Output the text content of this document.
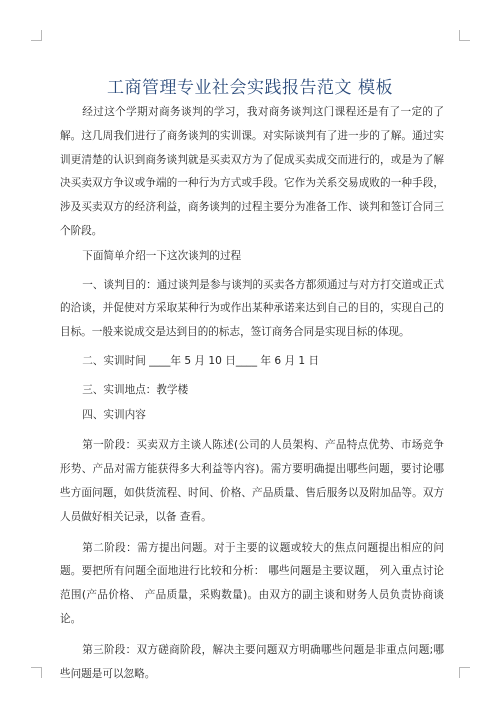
工商管理专业社会实践报告范文 模板

经过这个学期对商务谈判的学习，我对商务谈判这门课程还是有了一定的了解。这几周我们进行了商务谈判的实训课。对实际谈判有了进一步的了解。通过实训更清楚的认识到商务谈判就是买卖双方为了促成买卖成交而进行的，或是为了解决买卖双方争议或争端的一种行为方式或手段。它作为关系交易成败的一种手段，涉及买卖双方的经济利益，商务谈判的过程主要分为准备工作、谈判和签订合同三个阶段。

下面简单介绍一下这次谈判的过程

一、谈判目的：通过谈判是参与谈判的买卖各方都须通过与对方打交道或正式的洽谈，并促使对方采取某种行为或作出某种承诺来达到自己的目的，实现自己的目标。一般来说成交是达到目的的标志，签订商务合同是实现目标的体现。

二、实训时间 ____年 5 月 10 日____ 年 6 月 1 日

三、实训地点：教学楼

四、实训内容

第一阶段：买卖双方主谈人陈述(公司的人员架构、产品特点优势、市场竞争形势、产品对需方能获得多大利益等内容)。需方要明确提出哪些问题，要讨论哪些方面问题，如供货流程、时间、价格、产品质量、售后服务以及附加品等。双方人员做好相关记录，以备 查看。

第二阶段：需方提出问题。对于主要的议题或较大的焦点问题提出相应的问题。要把所有问题全面地进行比较和分析： 哪些问题是主要议题， 列入重点讨论范围(产品价格、 产品质量，采购数量)。由双方的副主谈和财务人员负责协商谈论。

第三阶段：双方磋商阶段，解决主要问题双方明确哪些问题是非重点问题;哪些问题是可以忽略。
